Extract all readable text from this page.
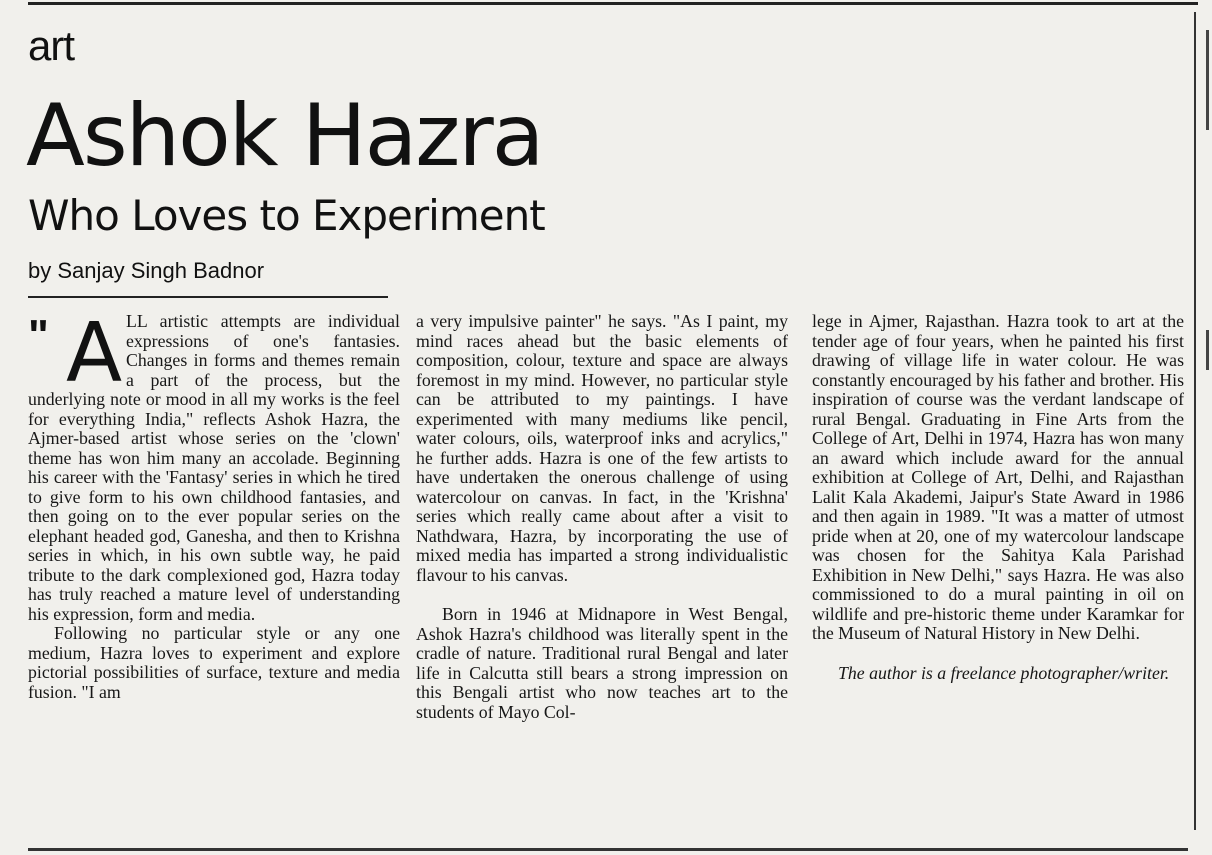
art
Ashok Hazra
Who Loves to Experiment
by Sanjay Singh Badnor
" A LL artistic attempts are individual expressions of one's fantasies. Changes in forms and themes remain a part of the process, but the underlying note or mood in all my works is the feel for everything India," reflects Ashok Hazra, the Ajmer-based artist whose series on the 'clown' theme has won him many an accolade. Beginning his career with the 'Fantasy' series in which he tired to give form to his own childhood fantasies, and then going on to the ever popular series on the elephant headed god, Ganesha, and then to Krishna series in which, in his own subtle way, he paid tribute to the dark complexioned god, Hazra today has truly reached a mature level of understanding his expression, form and media.

Following no particular style or any one medium, Hazra loves to experiment and explore pictorial possibilities of surface, texture and media fusion. "I am

a very impulsive painter" he says. "As I paint, my mind races ahead but the basic elements of composition, colour, texture and space are always foremost in my mind. However, no particular style can be attributed to my paintings. I have experimented with many mediums like pencil, water colours, oils, waterproof inks and acrylics," he further adds. Hazra is one of the few artists to have undertaken the onerous challenge of using watercolour on canvas. In fact, in the 'Krishna' series which really came about after a visit to Nathdwara, Hazra, by incorporating the use of mixed media has imparted a strong individualistic flavour to his canvas.

Born in 1946 at Midnapore in West Bengal, Ashok Hazra's childhood was literally spent in the cradle of nature. Traditional rural Bengal and later life in Calcutta still bears a strong impression on this Bengali artist who now teaches art to the students of Mayo Col-

lege in Ajmer, Rajasthan. Hazra took to art at the tender age of four years, when he painted his first drawing of village life in water colour. He was constantly encouraged by his father and brother. His inspiration of course was the verdant landscape of rural Bengal. Graduating in Fine Arts from the College of Art, Delhi in 1974, Hazra has won many an award which include award for the annual exhibition at College of Art, Delhi, and Rajasthan Lalit Kala Akademi, Jaipur's State Award in 1986 and then again in 1989. "It was a matter of utmost pride when at 20, one of my watercolour landscape was chosen for the Sahitya Kala Parishad Exhibition in New Delhi," says Hazra. He was also commissioned to do a mural painting in oil on wildlife and pre-historic theme under Karamkar for the Museum of Natural History in New Delhi.

The author is a freelance photographer/writer.
